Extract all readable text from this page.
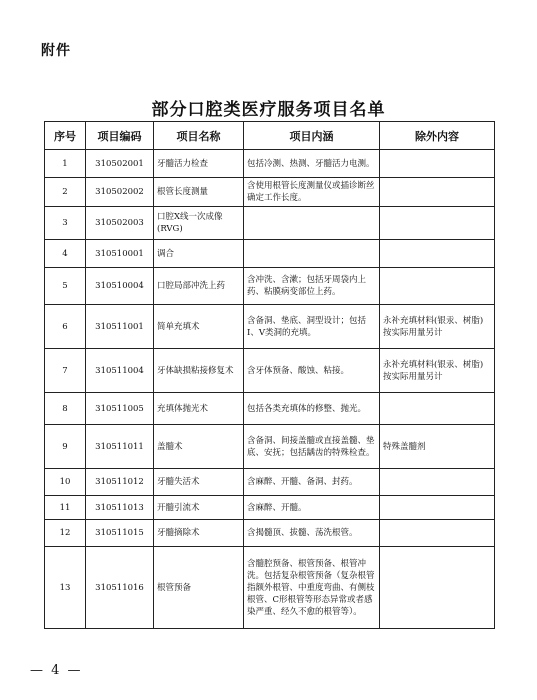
附件
部分口腔类医疗服务项目名单
序号	项目编码	项目名称	项目内涵	除外内容
1	310502001	牙髓活力检查	包括冷测、热测、牙髓活力电测。	
2	310502002	根管长度测量	含使用根管长度测量仪或插诊断丝确定工作长度。	
3	310502003	口腔X线一次成像(RVG)		
4	310510001	调合		
5	310510004	口腔局部冲洗上药	含冲洗、含漱；包括牙周袋内上药、粘膜病变部位上药。	
6	310511001	简单充填术	含备洞、垫底、洞型设计；包括Ⅰ、Ⅴ类洞的充填。	永补充填材料(银汞、树脂)按实际用量另计
7	310511004	牙体缺损粘接修复术	含牙体预备、酸蚀、粘接。	永补充填材料(银汞、树脂)按实际用量另计
8	310511005	充填体抛光术	包括各类充填体的修整、抛光。	
9	310511011	盖髓术	含备洞、间接盖髓或直接盖髓、垫底、安抚；包括龋齿的特殊检查。	特殊盖髓剂
10	310511012	牙髓失活术	含麻醉、开髓、备洞、封药。	
11	310511013	开髓引流术	含麻醉、开髓。	
12	310511015	牙髓摘除术	含揭髓顶、拔髓、荡洗根管。	
13	310511016	根管预备	含髓腔预备、根管预备、根管冲洗。包括复杂根管预备（复杂根管指额外根管、中重度弯曲、有侧枝根管、C形根管等形态异常或者感染严重、经久不愈的根管等）。	
— 4 —
